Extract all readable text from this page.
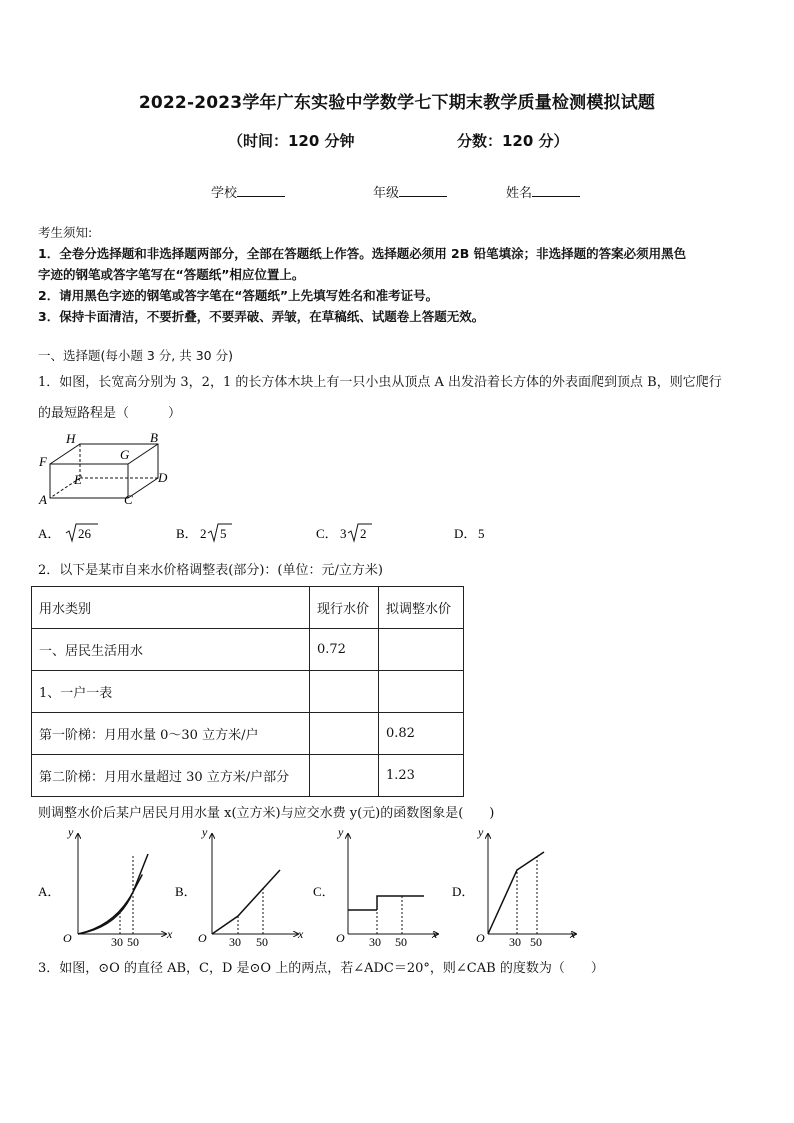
2022-2023学年广东实验中学数学七下期末教学质量检测模拟试题
（时间：120 分钟	分数：120 分）
学校	年级	姓名
考生须知:
1．全卷分选择题和非选择题两部分，全部在答题纸上作答。选择题必须用 2B 铅笔填涂；非选择题的答案必须用黑色
字迹的钢笔或答字笔写在“答题纸”相应位置上。
2．请用黑色字迹的钢笔或答字笔在“答题纸”上先填写姓名和准考证号。
3．保持卡面清洁，不要折叠，不要弄破、弄皱，在草稿纸、试题卷上答题无效。
一、选择题(每小题 3 分, 共 30 分)
1．如图，长宽高分别为 3，2，1 的长方体木块上有一只小虫从顶点 A 出发沿着长方体的外表面爬到顶点 B，则它爬行
的最短路程是（　　　）
H	B
F	G
E	D
A	C
A． 26	B． 2 5	C． 3 2	D． 5
2．以下是某市自来水价格调整表(部分)：(单位：元/立方米)
用水类别	现行水价	拟调整水价
一、居民生活用水	0.72	
1、一户一表		
第一阶梯：月用水量 0～30 立方米/户		0.82
第二阶梯：月用水量超过 30 立方米/户部分		1.23
则调整水价后某户居民月用水量 x(立方米)与应交水费 y(元)的函数图象是(　　)
A．
y
x
O	30 50
B．
y
x
O 30 50
C．
y
x
O 30 50
D．
y
x
O 30 50
3．如图，⊙O 的直径 AB，C，D 是⊙O 上的两点，若∠ADC＝20°，则∠CAB 的度数为（　　）
